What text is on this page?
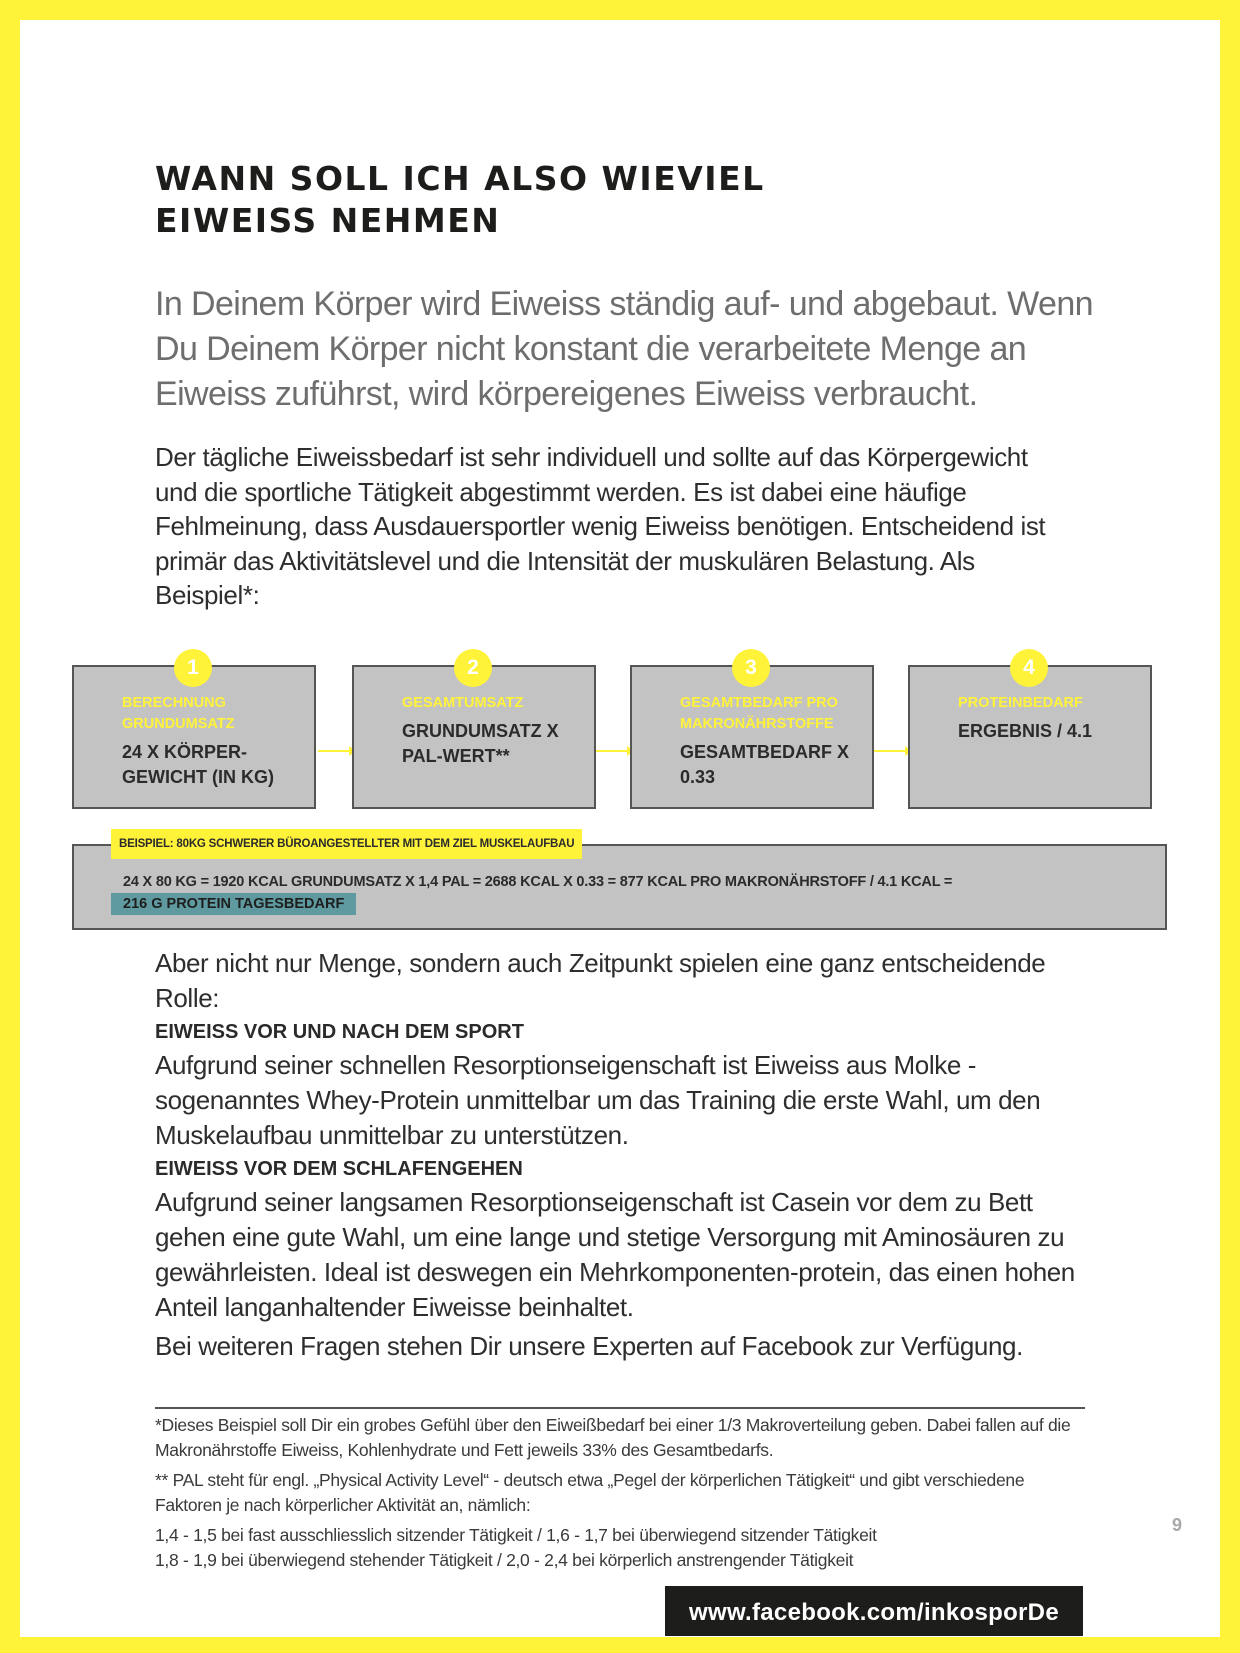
WANN SOLL ICH ALSO WIEVIEL
EIWEISS NEHMEN

In Deinem Körper wird Eiweiss ständig auf- und abgebaut. Wenn Du Deinem Körper nicht konstant die verarbeitete Menge an Eiweiss zuführst, wird körpereigenes Eiweiss verbraucht.

Der tägliche Eiweissbedarf ist sehr individuell und sollte auf das Körpergewicht und die sportliche Tätigkeit abgestimmt werden. Es ist dabei eine häufige Fehlmeinung, dass Ausdauersportler wenig Eiweiss benötigen. Entscheidend ist primär das Aktivitätslevel und die Intensität der muskulären Belastung. Als Beispiel*:

1
BERECHNUNG GRUNDUMSATZ
24 X KÖRPER-GEWICHT (IN KG)
2
GESAMTUMSATZ
GRUNDUMSATZ X PAL-WERT**
3
GESAMTBEDARF PRO MAKRONÄHRSTOFFE
GESAMTBEDARF X 0.33
4
PROTEINBEDARF
ERGEBNIS / 4.1
BEISPIEL: 80KG SCHWERER BÜROANGESTELLTER MIT DEM ZIEL MUSKELAUFBAU
24 X 80 KG = 1920 KCAL GRUNDUMSATZ X 1,4 PAL = 2688 KCAL X 0.33 = 877 KCAL PRO MAKRONÄHRSTOFF / 4.1 KCAL =
216 G PROTEIN TAGESBEDARF
Aber nicht nur Menge, sondern auch Zeitpunkt spielen eine ganz entscheidende Rolle:
EIWEISS VOR UND NACH DEM SPORT
Aufgrund seiner schnellen Resorptionseigenschaft ist Eiweiss aus Molke - sogenanntes Whey-Protein unmittelbar um das Training die erste Wahl, um den Muskelaufbau unmittelbar zu unterstützen.
EIWEISS VOR DEM SCHLAFENGEHEN
Aufgrund seiner langsamen Resorptionseigenschaft ist Casein vor dem zu Bett gehen eine gute Wahl, um eine lange und stetige Versorgung mit Aminosäuren zu gewährleisten. Ideal ist deswegen ein Mehrkomponenten-protein, das einen hohen Anteil langanhaltender Eiweisse beinhaltet.
Bei weiteren Fragen stehen Dir unsere Experten auf Facebook zur Verfügung.
*Dieses Beispiel soll Dir ein grobes Gefühl über den Eiweißbedarf bei einer 1/3 Makroverteilung geben. Dabei fallen auf die Makronährstoffe Eiweiss, Kohlenhydrate und Fett jeweils 33% des Gesamtbedarfs.
** PAL steht für engl. „Physical Activity Level“ - deutsch etwa „Pegel der körperlichen Tätigkeit“ und gibt verschiedene Faktoren je nach körperlicher Aktivität an, nämlich:
1,4 - 1,5 bei fast ausschliesslich sitzender Tätigkeit / 1,6 - 1,7 bei überwiegend sitzender Tätigkeit
1,8 - 1,9 bei überwiegend stehender Tätigkeit / 2,0 - 2,4 bei körperlich anstrengender Tätigkeit
9
www.facebook.com/inkosporDe
